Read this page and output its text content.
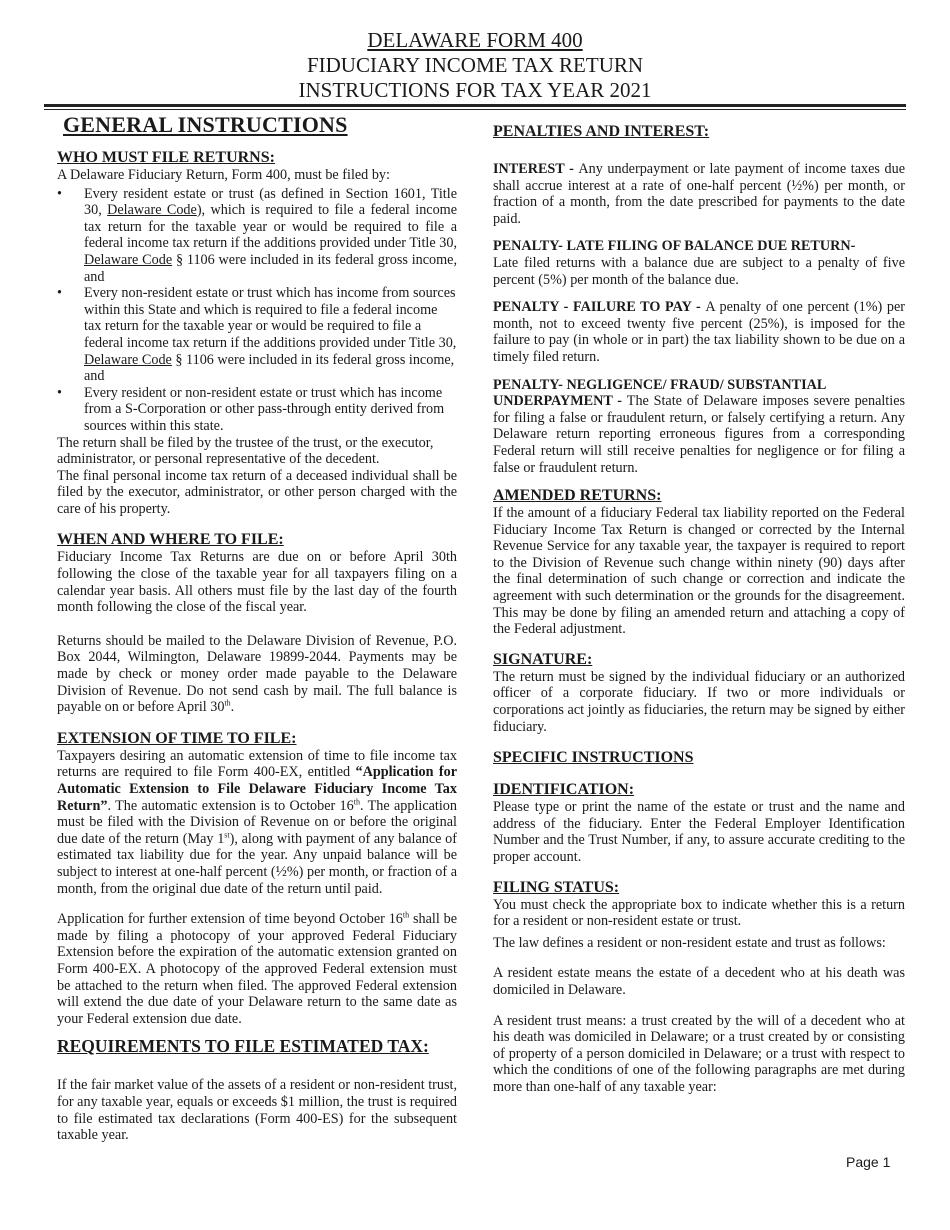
DELAWARE FORM 400
FIDUCIARY INCOME TAX RETURN
INSTRUCTIONS FOR TAX YEAR 2021
GENERAL INSTRUCTIONS
WHO MUST FILE RETURNS:

A Delaware Fiduciary Return, Form 400, must be filed by:

• Every resident estate or trust (as defined in Section 1601, Title 30, Delaware Code), which is required to file a federal income tax return for the taxable year or would be required to file a federal income tax return if the additions provided under Title 30, Delaware Code § 1106 were included in its federal gross income, and
• Every non-resident estate or trust which has income from sources within this State and which is required to file a federal income tax return for the taxable year or would be required to file a federal income tax return if the additions provided under Title 30, Delaware Code § 1106 were included in its federal gross income, and
• Every resident or non-resident estate or trust which has income from a S-Corporation or other pass-through entity derived from sources within this state.

The return shall be filed by the trustee of the trust, or the executor, administrator, or personal representative of the decedent.

The final personal income tax return of a deceased individual shall be filed by the executor, administrator, or other person charged with the care of his property.

WHEN AND WHERE TO FILE:

Fiduciary Income Tax Returns are due on or before April 30th following the close of the taxable year for all taxpayers filing on a calendar year basis. All others must file by the last day of the fourth month following the close of the fiscal year.

Returns should be mailed to the Delaware Division of Revenue, P.O. Box 2044, Wilmington, Delaware 19899-2044. Payments may be made by check or money order made payable to the Delaware Division of Revenue. Do not send cash by mail. The full balance is payable on or before April 30th.

EXTENSION OF TIME TO FILE:

Taxpayers desiring an automatic extension of time to file income tax returns are required to file Form 400-EX, entitled “Application for Automatic Extension to File Delaware Fiduciary Income Tax Return”. The automatic extension is to October 16th. The application must be filed with the Division of Revenue on or before the original due date of the return (May 1st), along with payment of any balance of estimated tax liability due for the year. Any unpaid balance will be subject to interest at one-half percent (½%) per month, or fraction of a month, from the original due date of the return until paid.

Application for further extension of time beyond October 16th shall be made by filing a photocopy of your approved Federal Fiduciary Extension before the expiration of the automatic extension granted on Form 400-EX. A photocopy of the approved Federal extension must be attached to the return when filed. The approved Federal extension will extend the due date of your Delaware return to the same date as your Federal extension due date.

REQUIREMENTS TO FILE ESTIMATED TAX:

If the fair market value of the assets of a resident or non-resident trust, for any taxable year, equals or exceeds $1 million, the trust is required to file estimated tax declarations (Form 400-ES) for the subsequent taxable year.

PENALTIES AND INTEREST:

INTEREST - Any underpayment or late payment of income taxes due shall accrue interest at a rate of one-half percent (½%) per month, or fraction of a month, from the date prescribed for payments to the date paid.

PENALTY- LATE FILING OF BALANCE DUE RETURN-

Late filed returns with a balance due are subject to a penalty of five percent (5%) per month of the balance due.

PENALTY - FAILURE TO PAY - A penalty of one percent (1%) per month, not to exceed twenty five percent (25%), is imposed for the failure to pay (in whole or in part) the tax liability shown to be due on a timely filed return.

PENALTY- NEGLIGENCE/ FRAUD/ SUBSTANTIAL

UNDERPAYMENT - The State of Delaware imposes severe penalties for filing a false or fraudulent return, or falsely certifying a return. Any Delaware return reporting erroneous figures from a corresponding Federal return will still receive penalties for negligence or for filing a false or fraudulent return.

AMENDED RETURNS:

If the amount of a fiduciary Federal tax liability reported on the Federal Fiduciary Income Tax Return is changed or corrected by the Internal Revenue Service for any taxable year, the taxpayer is required to report to the Division of Revenue such change within ninety (90) days after the final determination of such change or correction and indicate the agreement with such determination or the grounds for the disagreement. This may be done by filing an amended return and attaching a copy of the Federal adjustment.

SIGNATURE:

The return must be signed by the individual fiduciary or an authorized officer of a corporate fiduciary. If two or more individuals or corporations act jointly as fiduciaries, the return may be signed by either fiduciary.

SPECIFIC INSTRUCTIONS
IDENTIFICATION:

Please type or print the name of the estate or trust and the name and address of the fiduciary. Enter the Federal Employer Identification Number and the Trust Number, if any, to assure accurate crediting to the proper account.

FILING STATUS:

You must check the appropriate box to indicate whether this is a return for a resident or non-resident estate or trust.

The law defines a resident or non-resident estate and trust as follows:

A resident estate means the estate of a decedent who at his death was domiciled in Delaware.

A resident trust means: a trust created by the will of a decedent who at his death was domiciled in Delaware; or a trust created by or consisting of property of a person domiciled in Delaware; or a trust with respect to which the conditions of one of the following paragraphs are met during more than one-half of any taxable year:

Page 1
